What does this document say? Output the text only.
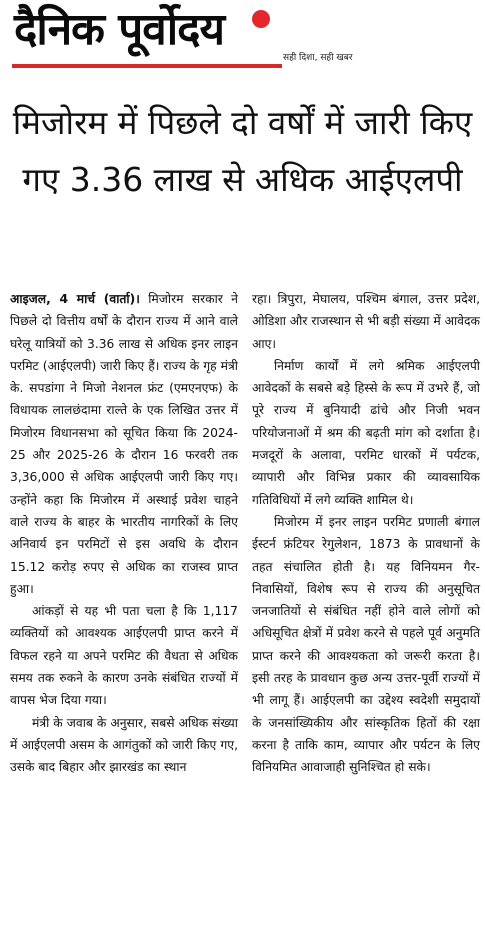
दैनिक पूर्वोदय
सही दिशा, सही खबर
मिजोरम में पिछले दो वर्षों में जारी किए गए 3.36 लाख से अधिक आईएलपी

आइजल, 4 मार्च (वार्ता)। मिजोरम सरकार ने पिछले दो वित्तीय वर्षों के दौरान राज्य में आने वाले घरेलू यात्रियों को 3.36 लाख से अधिक इनर लाइन परमिट (आईएलपी) जारी किए हैं। राज्य के गृह मंत्री के. सपडांगा ने मिजो नेशनल फ्रंट (एमएनएफ) के विधायक लालछंदामा राल्ते के एक लिखित उत्तर में मिजोरम विधानसभा को सूचित किया कि 2024-25 और 2025-26 के दौरान 16 फरवरी तक 3,36,000 से अधिक आईएलपी जारी किए गए। उन्होंने कहा कि मिजोरम में अस्थाई प्रवेश चाहने वाले राज्य के बाहर के भारतीय नागरिकों के लिए अनिवार्य इन परमिटों से इस अवधि के दौरान 15.12 करोड़ रुपए से अधिक का राजस्व प्राप्त हुआ।

आंकड़ों से यह भी पता चला है कि 1,117 व्यक्तियों को आवश्यक आईएलपी प्राप्त करने में विफल रहने या अपने परमिट की वैधता से अधिक समय तक रुकने के कारण उनके संबंधित राज्यों में वापस भेज दिया गया।

मंत्री के जवाब के अनुसार, सबसे अधिक संख्या में आईएलपी असम के आगंतुकों को जारी किए गए, उसके बाद बिहार और झारखंड का स्थान

रहा। त्रिपुरा, मेघालय, पश्चिम बंगाल, उत्तर प्रदेश, ओडिशा और राजस्थान से भी बड़ी संख्या में आवेदक आए।

निर्माण कार्यों में लगे श्रमिक आईएलपी आवेदकों के सबसे बड़े हिस्से के रूप में उभरे हैं, जो पूरे राज्य में बुनियादी ढांचे और निजी भवन परियोजनाओं में श्रम की बढ़ती मांग को दर्शाता है। मजदूरों के अलावा, परमिट धारकों में पर्यटक, व्यापारी और विभिन्न प्रकार की व्यावसायिक गतिविधियों में लगे व्यक्ति शामिल थे।

मिजोरम में इनर लाइन परमिट प्रणाली बंगाल ईस्टर्न फ्रंटियर रेगुलेशन, 1873 के प्रावधानों के तहत संचालित होती है। यह विनियमन गैर-निवासियों, विशेष रूप से राज्य की अनुसूचित जनजातियों से संबंधित नहीं होने वाले लोगों को अधिसूचित क्षेत्रों में प्रवेश करने से पहले पूर्व अनुमति प्राप्त करने की आवश्यकता को जरूरी करता है। इसी तरह के प्रावधान कुछ अन्य उत्तर-पूर्वी राज्यों में भी लागू हैं। आईएलपी का उद्देश्य स्वदेशी समुदायों के जनसांख्यिकीय और सांस्कृतिक हितों की रक्षा करना है ताकि काम, व्यापार और पर्यटन के लिए विनियमित आवाजाही सुनिश्चित हो सके।
